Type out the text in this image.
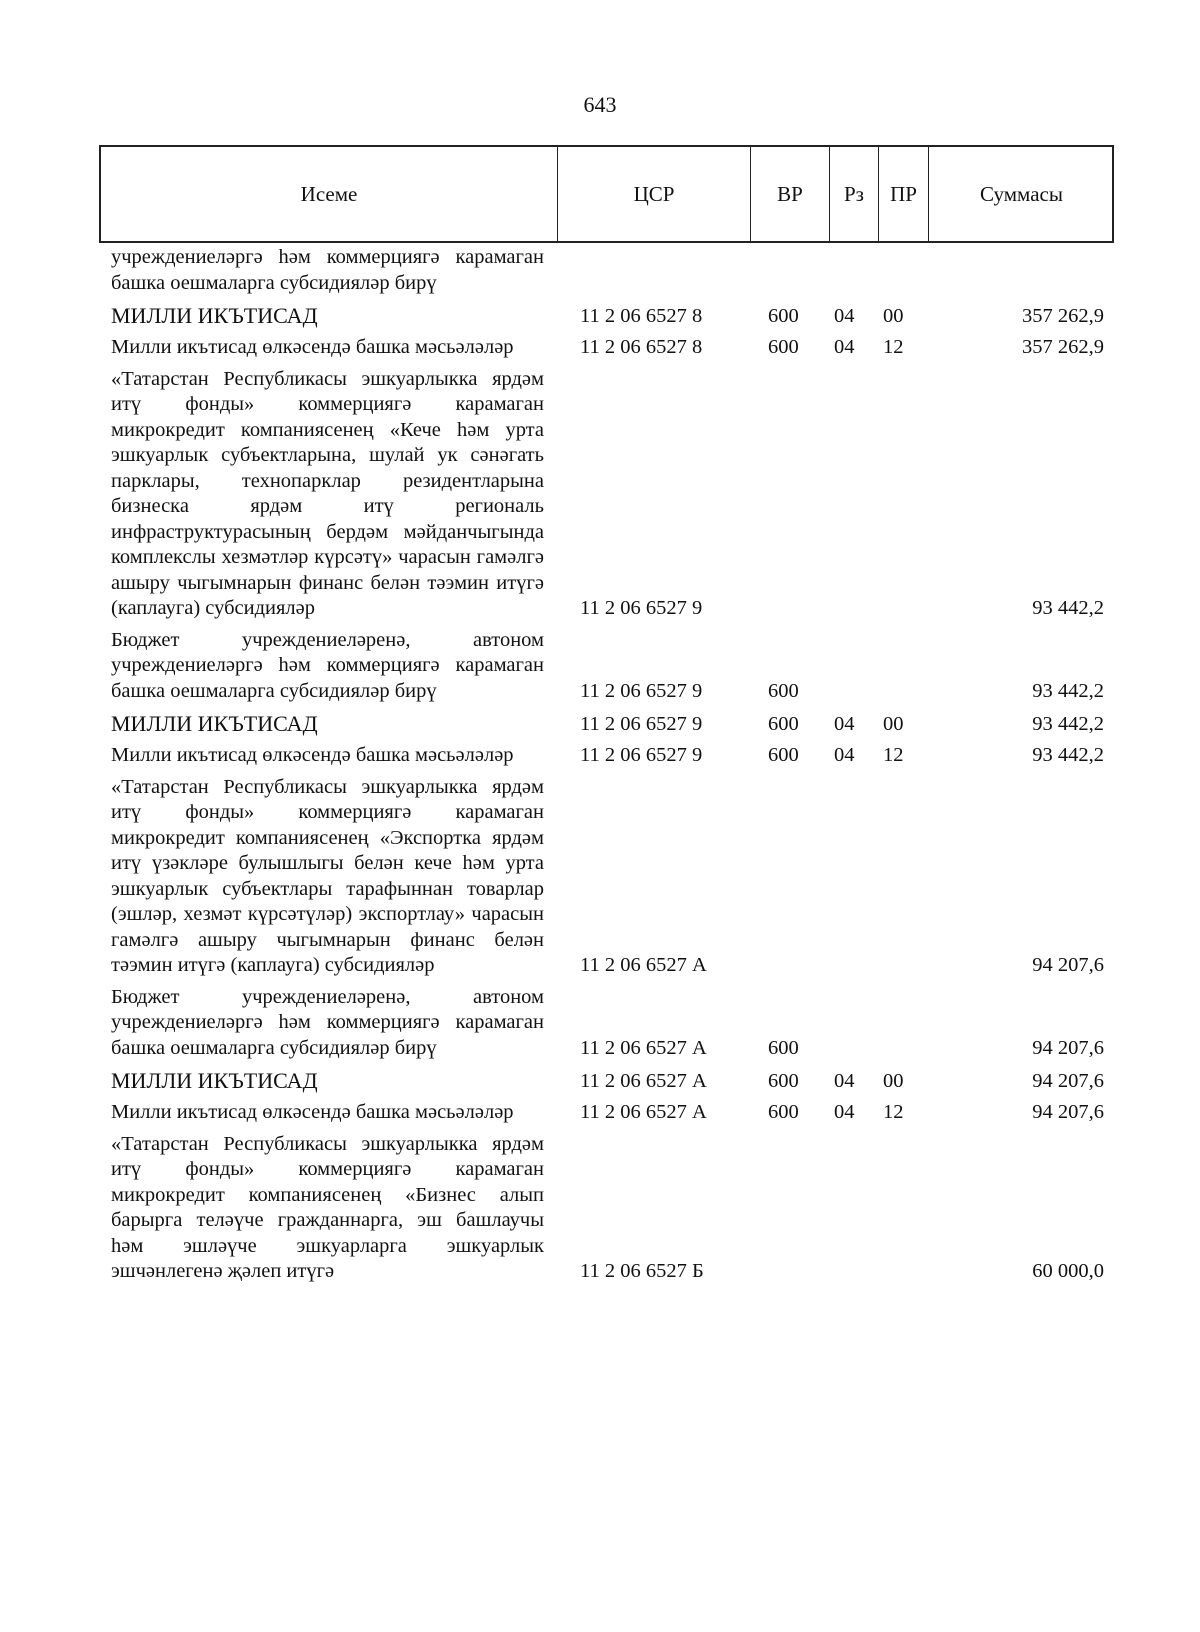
643
Исеме	ЦСР	ВР	Рз	ПР	Суммасы
учреждениеләргә һәм коммерциягә карамаган башка оешмаларга субсидияләр бирү
МИЛЛИ ИКЪТИСАД	11 2 06 6527 8	600 04 00	357 262,9
Милли икътисад өлкәсендә башка мәсьәләләр	11 2 06 6527 8	600 04 12	357 262,9
«Татарстан Республикасы эшкуарлыкка ярдәм итү фонды» коммерциягә карамаган микрокредит компаниясенең «Кече һәм урта эшкуарлык субъектларына, шулай ук сәнәгать парклары, технопарклар резидентларына бизнеска ярдәм итү региональ инфраструктурасының бердәм мәйданчыгында комплекслы хезмәтләр күрсәтү» чарасын гамәлгә ашыру чыгымнарын финанс белән тәэмин итүгә (каплауга) субсидияләр	11 2 06 6527 9	93 442,2
Бюджет учреждениеләренә, автоном учреждениеләргә һәм коммерциягә карамаган башка оешмаларга субсидияләр бирү	11 2 06 6527 9	600	93 442,2
МИЛЛИ ИКЪТИСАД	11 2 06 6527 9	600 04 00	93 442,2
Милли икътисад өлкәсендә башка мәсьәләләр	11 2 06 6527 9	600 04 12	93 442,2
«Татарстан Республикасы эшкуарлыкка ярдәм итү фонды» коммерциягә карамаган микрокредит компаниясенең «Экспортка ярдәм итү үзәкләре булышлыгы белән кече һәм урта эшкуарлык субъектлары тарафыннан товарлар (эшләр, хезмәт күрсәтүләр) экспортлау» чарасын гамәлгә ашыру чыгымнарын финанс белән тәэмин итүгә (каплауга) субсидияләр	11 2 06 6527 А	94 207,6
Бюджет учреждениеләренә, автоном учреждениеләргә һәм коммерциягә карамаган башка оешмаларга субсидияләр бирү	11 2 06 6527 А	600	94 207,6
МИЛЛИ ИКЪТИСАД	11 2 06 6527 А	600 04 00	94 207,6
Милли икътисад өлкәсендә башка мәсьәләләр	11 2 06 6527 А	600 04 12	94 207,6
«Татарстан Республикасы эшкуарлыкка ярдәм итү фонды» коммерциягә карамаган микрокредит компаниясенең «Бизнес алып барырга теләүче гражданнарга, эш башлаучы һәм эшләүче эшкуарларга эшкуарлык эшчәнлегенә җәлеп итүгә	11 2 06 6527 Б	60 000,0
